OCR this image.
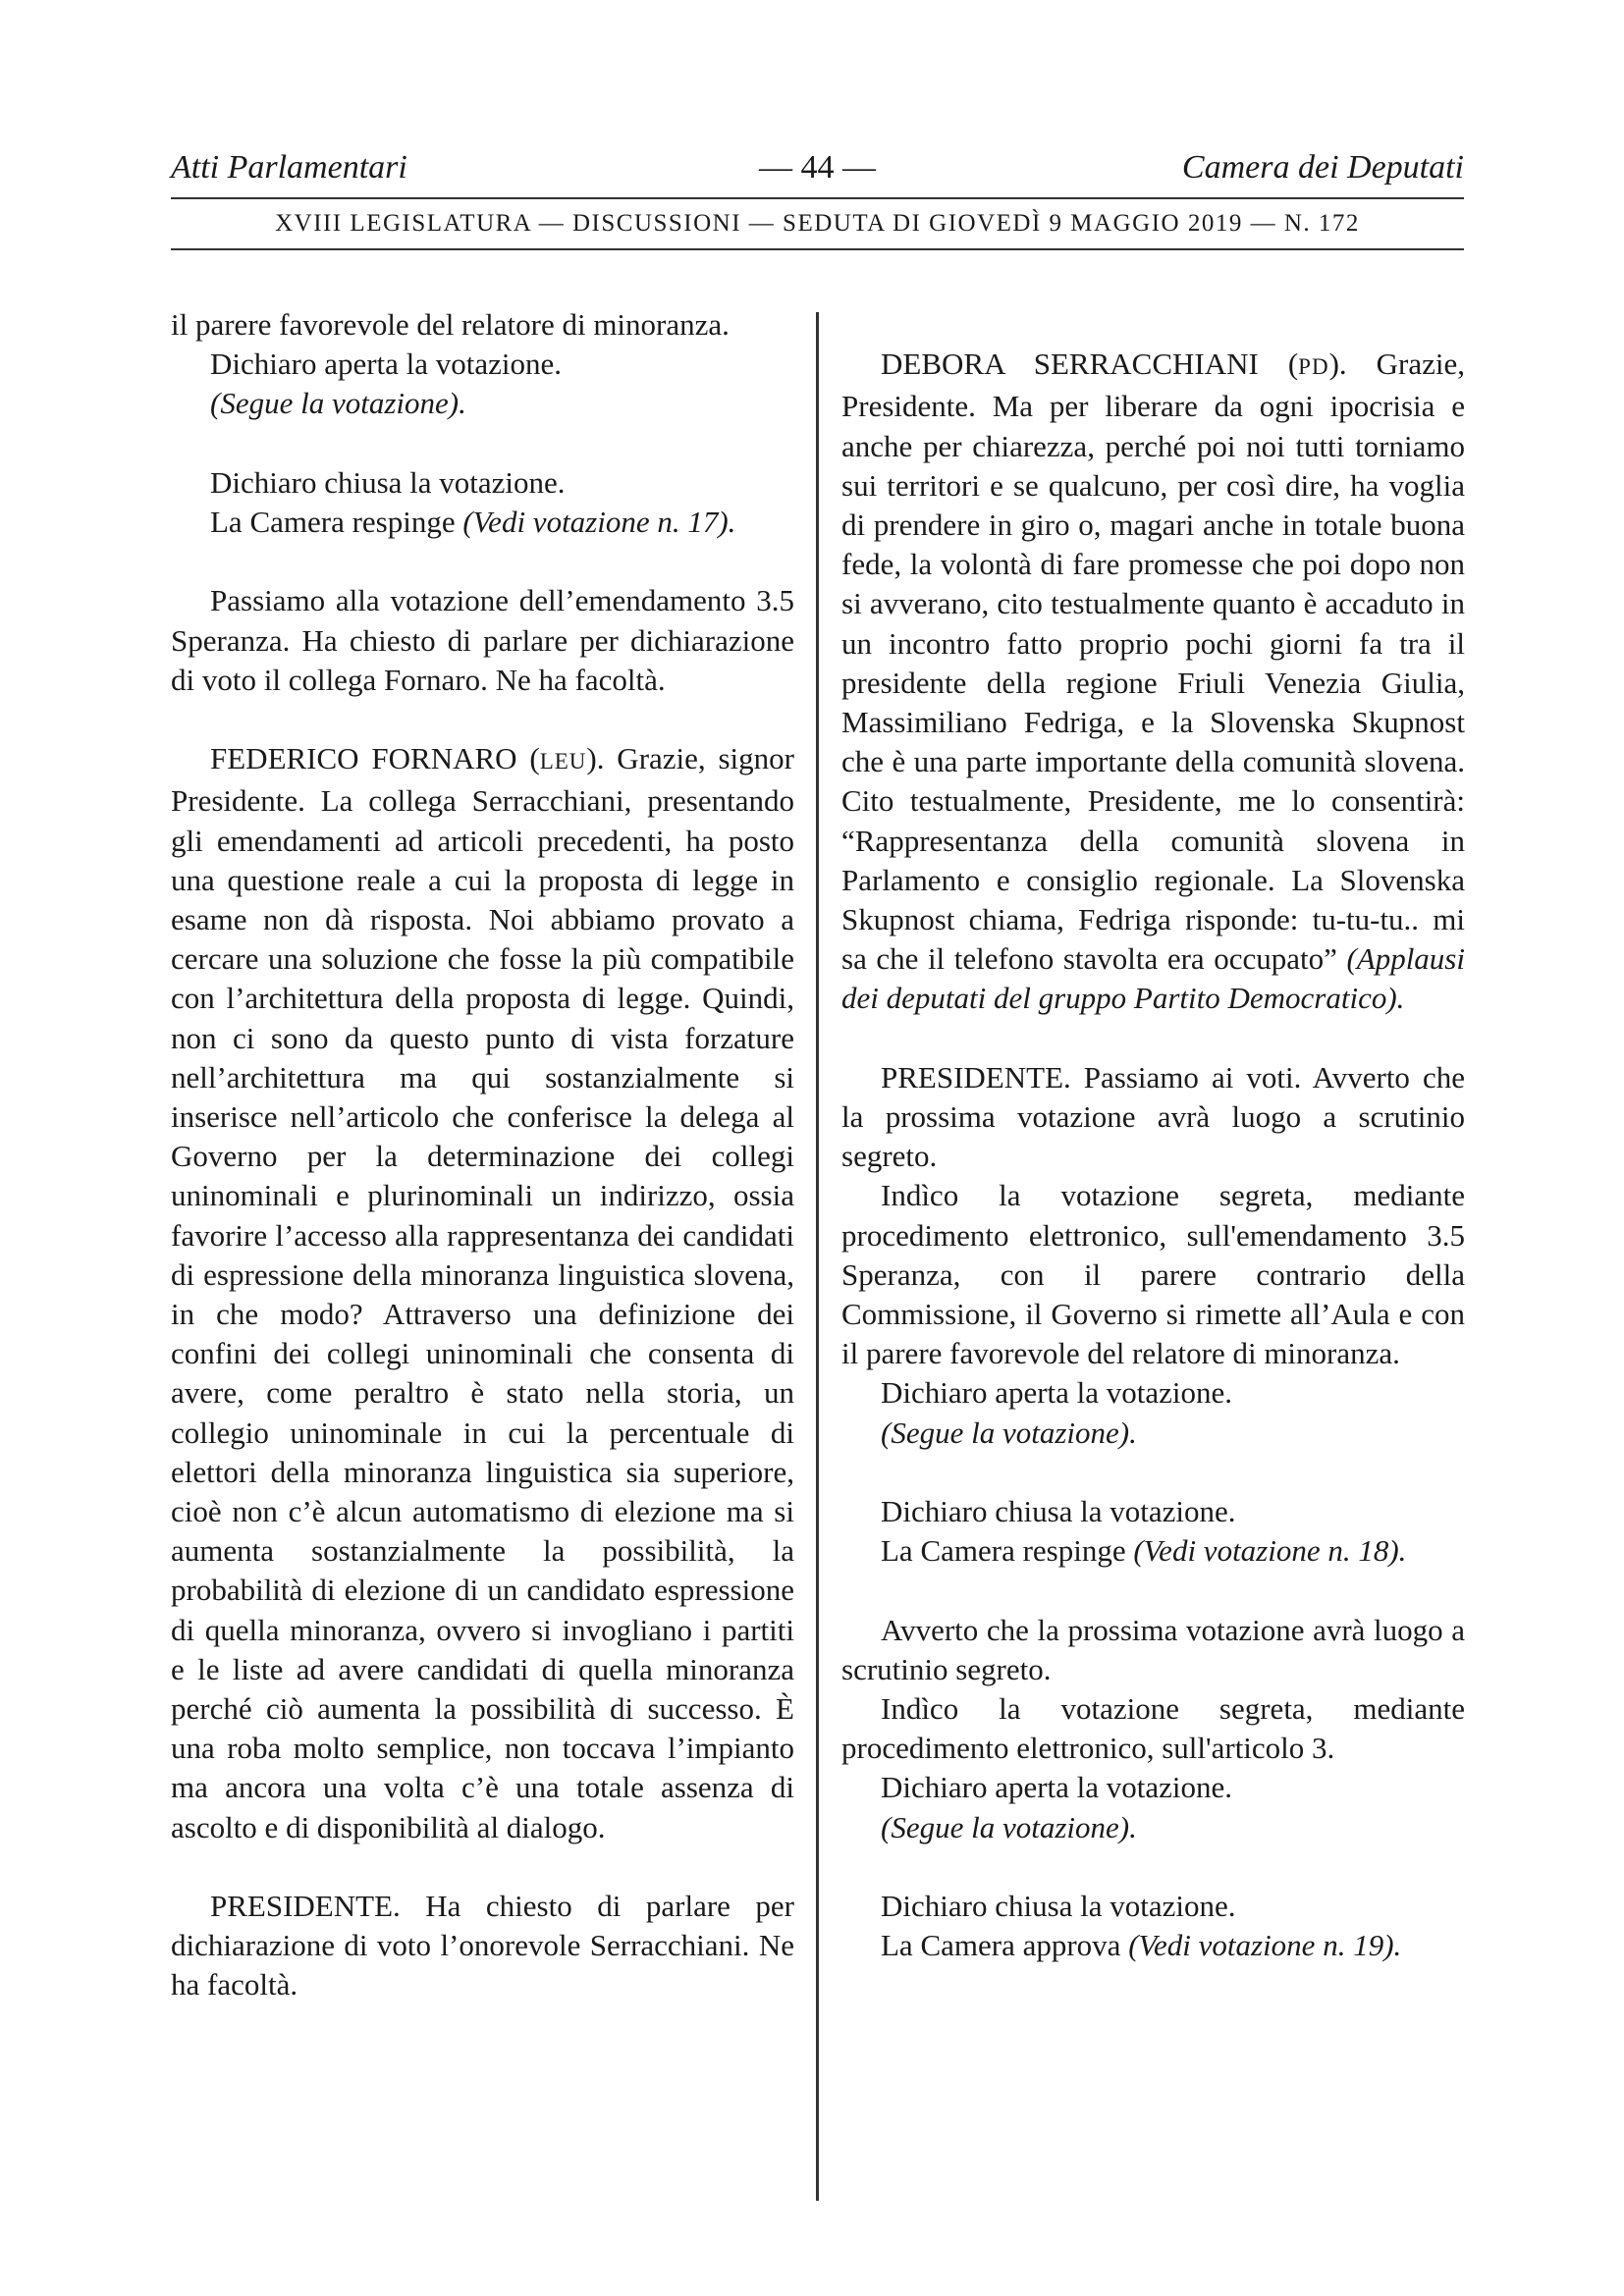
Atti Parlamentari	— 44 —	Camera dei Deputati
XVIII LEGISLATURA — DISCUSSIONI — SEDUTA DI GIOVEDÌ 9 MAGGIO 2019 — N. 172

il parere favorevole del relatore di minoranza.

Dichiaro aperta la votazione.

(Segue la votazione).

Dichiaro chiusa la votazione.

La Camera respinge (Vedi votazione n. 17).

Passiamo alla votazione dell’emendamento 3.5 Speranza. Ha chiesto di parlare per dichiarazione di voto il collega Fornaro. Ne ha facoltà.

FEDERICO FORNARO (LEU). Grazie, signor Presidente. La collega Serracchiani, presentando gli emendamenti ad articoli precedenti, ha posto una questione reale a cui la proposta di legge in esame non dà risposta. Noi abbiamo provato a cercare una soluzione che fosse la più compatibile con l’architettura della proposta di legge. Quindi, non ci sono da questo punto di vista forzature nell’architettura ma qui sostanzialmente si inserisce nell’articolo che conferisce la delega al Governo per la determinazione dei collegi uninominali e plurinominali un indirizzo, ossia favorire l’accesso alla rappresentanza dei candidati di espressione della minoranza linguistica slovena, in che modo? Attraverso una definizione dei confini dei collegi uninominali che consenta di avere, come peraltro è stato nella storia, un collegio uninominale in cui la percentuale di elettori della minoranza linguistica sia superiore, cioè non c’è alcun automatismo di elezione ma si aumenta sostanzialmente la possibilità, la probabilità di elezione di un candidato espressione di quella minoranza, ovvero si invogliano i partiti e le liste ad avere candidati di quella minoranza perché ciò aumenta la possibilità di successo. È una roba molto semplice, non toccava l’impianto ma ancora una volta c’è una totale assenza di ascolto e di disponibilità al dialogo.

PRESIDENTE. Ha chiesto di parlare per dichiarazione di voto l’onorevole Serracchiani. Ne ha facoltà.

DEBORA SERRACCHIANI (PD). Grazie, Presidente. Ma per liberare da ogni ipocrisia e anche per chiarezza, perché poi noi tutti torniamo sui territori e se qualcuno, per così dire, ha voglia di prendere in giro o, magari anche in totale buona fede, la volontà di fare promesse che poi dopo non si avverano, cito testualmente quanto è accaduto in un incontro fatto proprio pochi giorni fa tra il presidente della regione Friuli Venezia Giulia, Massimiliano Fedriga, e la Slovenska Skupnost che è una parte importante della comunità slovena. Cito testualmente, Presidente, me lo consentirà: “Rappresentanza della comunità slovena in Parlamento e consiglio regionale. La Slovenska Skupnost chiama, Fedriga risponde: tu-tu-tu.. mi sa che il telefono stavolta era occupato” (Applausi dei deputati del gruppo Partito Democratico).

PRESIDENTE. Passiamo ai voti. Avverto che la prossima votazione avrà luogo a scrutinio segreto.

Indìco la votazione segreta, mediante procedimento elettronico, sull'emendamento 3.5 Speranza, con il parere contrario della Commissione, il Governo si rimette all’Aula e con il parere favorevole del relatore di minoranza.

Dichiaro aperta la votazione.

(Segue la votazione).

Dichiaro chiusa la votazione.

La Camera respinge (Vedi votazione n. 18).

Avverto che la prossima votazione avrà luogo a scrutinio segreto.

Indìco la votazione segreta, mediante procedimento elettronico, sull'articolo 3.

Dichiaro aperta la votazione.

(Segue la votazione).

Dichiaro chiusa la votazione.

La Camera approva (Vedi votazione n. 19).
